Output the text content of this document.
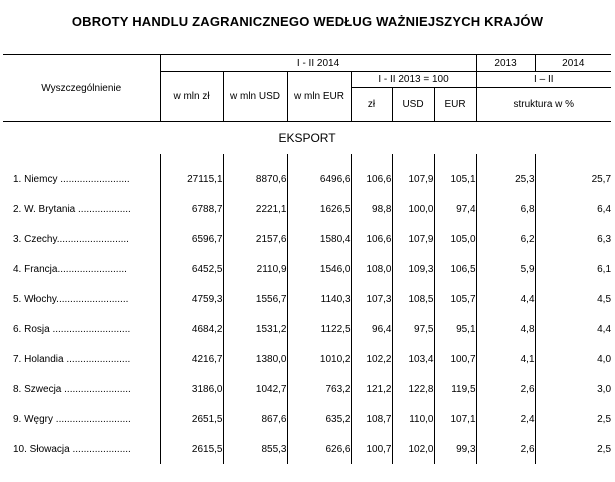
OBROTY HANDLU ZAGRANICZNEGO WEDŁUG WAŻNIEJSZYCH KRAJÓW
Wyszczególnienie	I - II 2014						2013	2014
	w mln zł	w mln USD	w mln EUR	I - II 2013 = 100			I – II	
				zł	USD	EUR	struktura w %	
EKSPORT								

1. Niemcy .........................	27115,1	8870,6	6496,6	106,6	107,9	105,1	25,3	25,7
2. W. Brytania ...................	6788,7	2221,1	1626,5	98,8	100,0	97,4	6,8	6,4
3. Czechy..........................	6596,7	2157,6	1580,4	106,6	107,9	105,0	6,2	6,3
4. Francja.........................	6452,5	2110,9	1546,0	108,0	109,3	106,5	5,9	6,1
5. Włochy..........................	4759,3	1556,7	1140,3	107,3	108,5	105,7	4,4	4,5
6. Rosja ............................	4684,2	1531,2	1122,5	96,4	97,5	95,1	4,8	4,4
7. Holandia .......................	4216,7	1380,0	1010,2	102,2	103,4	100,7	4,1	4,0
8. Szwecja ........................	3186,0	1042,7	763,2	121,2	122,8	119,5	2,6	3,0
9. Węgry ...........................	2651,5	867,6	635,2	108,7	110,0	107,1	2,4	2,5
10. Słowacja .....................	2615,5	855,3	626,6	100,7	102,0	99,3	2,6	2,5
